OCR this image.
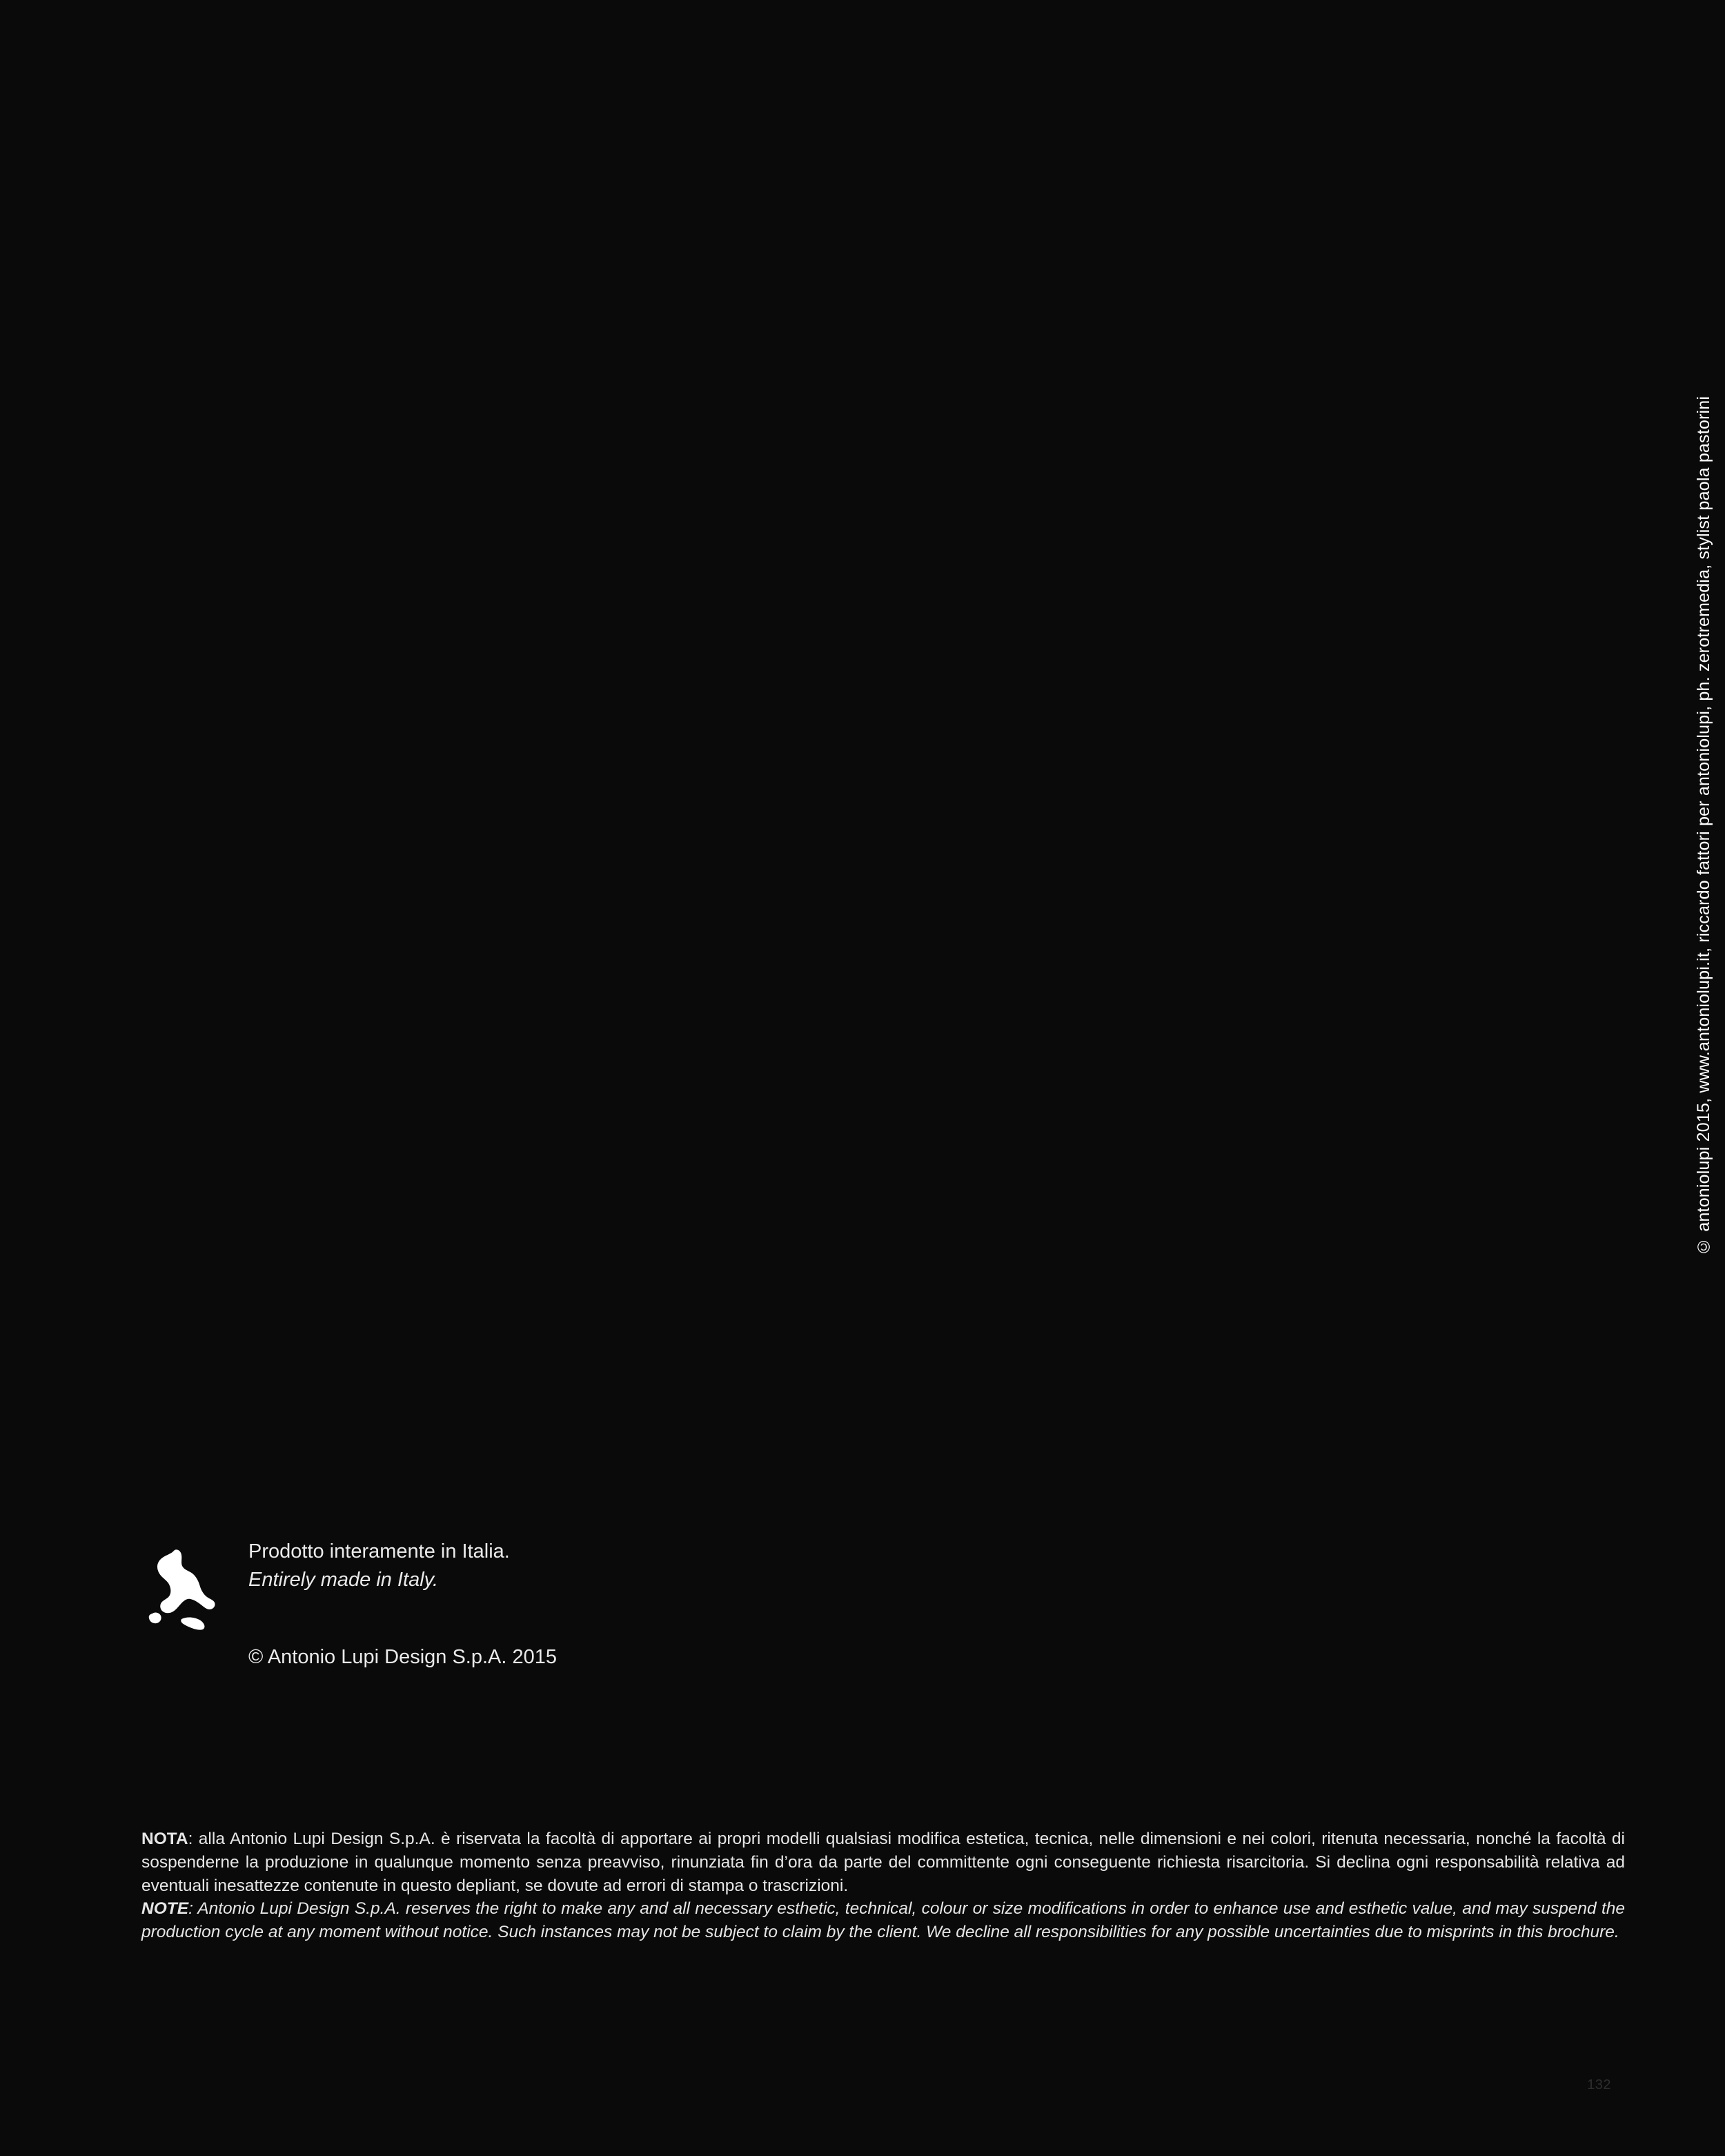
© antoniolupi 2015, www.antoniolupi.it, riccardo fattori per antoniolupi, ph. zerotremedia, stylist paola pastorini
Prodotto interamente in Italia.
Entirely made in Italy.
© Antonio Lupi Design S.p.A. 2015

NOTA: alla Antonio Lupi Design S.p.A. è riservata la facoltà di apportare ai propri modelli qualsiasi modifica estetica, tecnica, nelle dimensioni e nei colori, ritenuta necessaria, nonché la facoltà di sospenderne la produzione in qualunque momento senza preavviso, rinunziata fin d’ora da parte del committente ogni conseguente richiesta risarcitoria. Si declina ogni responsabilità relativa ad eventuali inesattezze contenute in questo depliant, se dovute ad errori di stampa o trascrizioni.

NOTE: Antonio Lupi Design S.p.A. reserves the right to make any and all necessary esthetic, technical, colour or size modifications in order to enhance use and esthetic value, and may suspend the production cycle at any moment without notice. Such instances may not be subject to claim by the client. We decline all responsibilities for any possible uncertainties due to misprints in this brochure.

132
